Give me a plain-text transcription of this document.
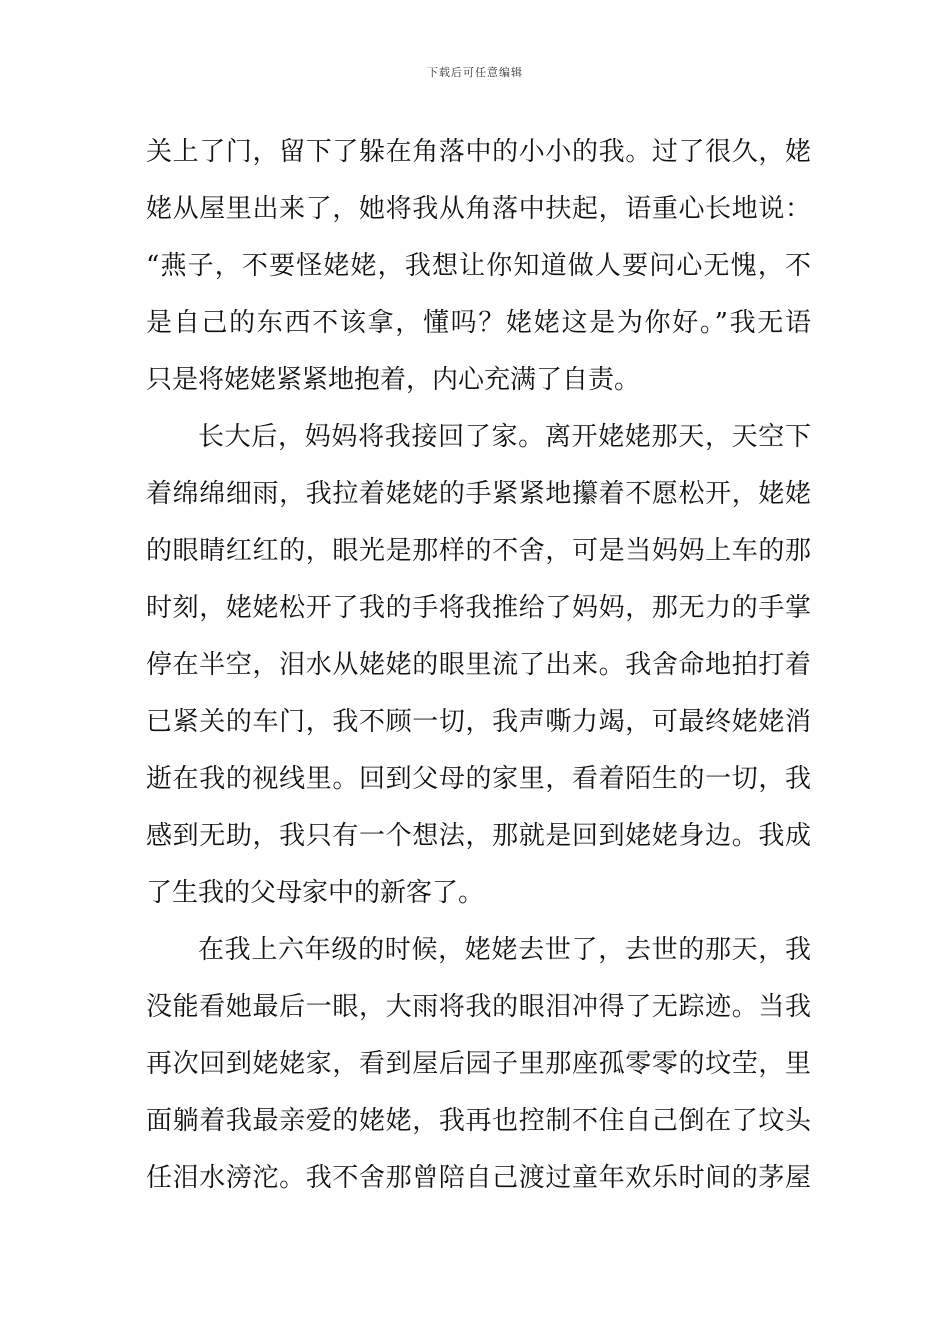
下载后可任意编辑
关上了门，留下了躲在角落中的小小的我。过了很久，姥
姥从屋里出来了，她将我从角落中扶起，语重心长地说：
“燕子，不要怪姥姥，我想让你知道做人要问心无愧，不
是自己的东西不该拿，懂吗？姥姥这是为你好。”我无语
只是将姥姥紧紧地抱着，内心充满了自责。
长大后，妈妈将我接回了家。离开姥姥那天，天空下
着绵绵细雨，我拉着姥姥的手紧紧地攥着不愿松开，姥姥
的眼睛红红的，眼光是那样的不舍，可是当妈妈上车的那
时刻，姥姥松开了我的手将我推给了妈妈，那无力的手掌
停在半空，泪水从姥姥的眼里流了出来。我舍命地拍打着
已紧关的车门，我不顾一切，我声嘶力竭，可最终姥姥消
逝在我的视线里。回到父母的家里，看着陌生的一切，我
感到无助，我只有一个想法，那就是回到姥姥身边。我成
了生我的父母家中的新客了。
在我上六年级的时候，姥姥去世了，去世的那天，我
没能看她最后一眼，大雨将我的眼泪冲得了无踪迹。当我
再次回到姥姥家，看到屋后园子里那座孤零零的坟茔，里
面躺着我最亲爱的姥姥，我再也控制不住自己倒在了坟头
任泪水滂沱。我不舍那曾陪自己渡过童年欢乐时间的茅屋
